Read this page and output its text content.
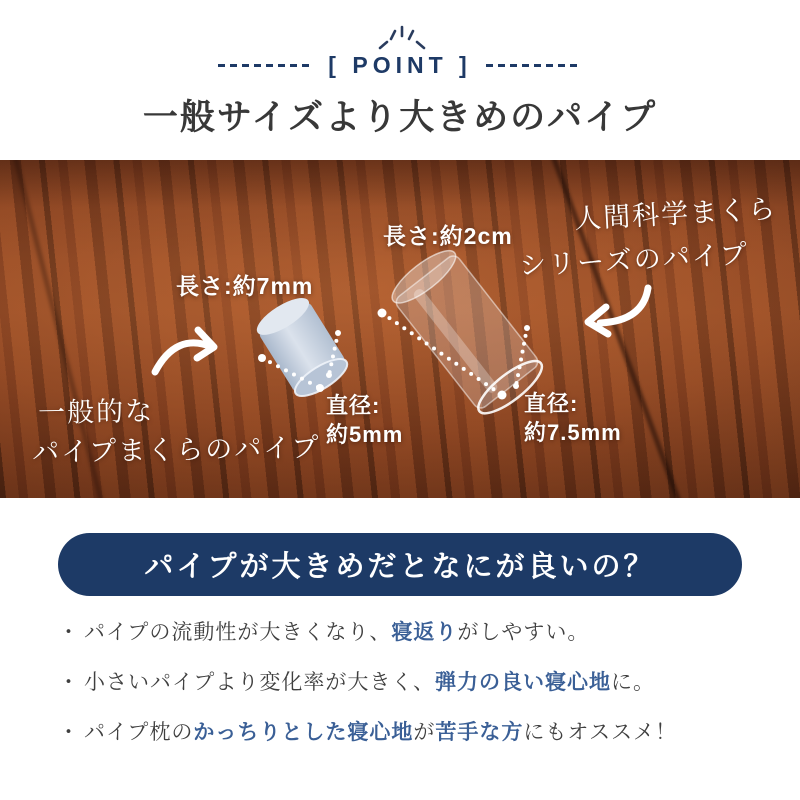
[ POINT ]
一般サイズより大きめのパイプ
長さ:約7mm
長さ:約2cm
人間科学まくら
シリーズのパイプ
一般的な
パイプまくらのパイプ
直径:
約5mm
直径:
約7.5mm
パイプが大きめだとなにが良いの？
・ パイプの流動性が大きくなり、寝返りがしやすい。
・ 小さいパイプより変化率が大きく、弾力の良い寝心地に。
・ パイプ枕のかっちりとした寝心地が苦手な方にもオススメ！
